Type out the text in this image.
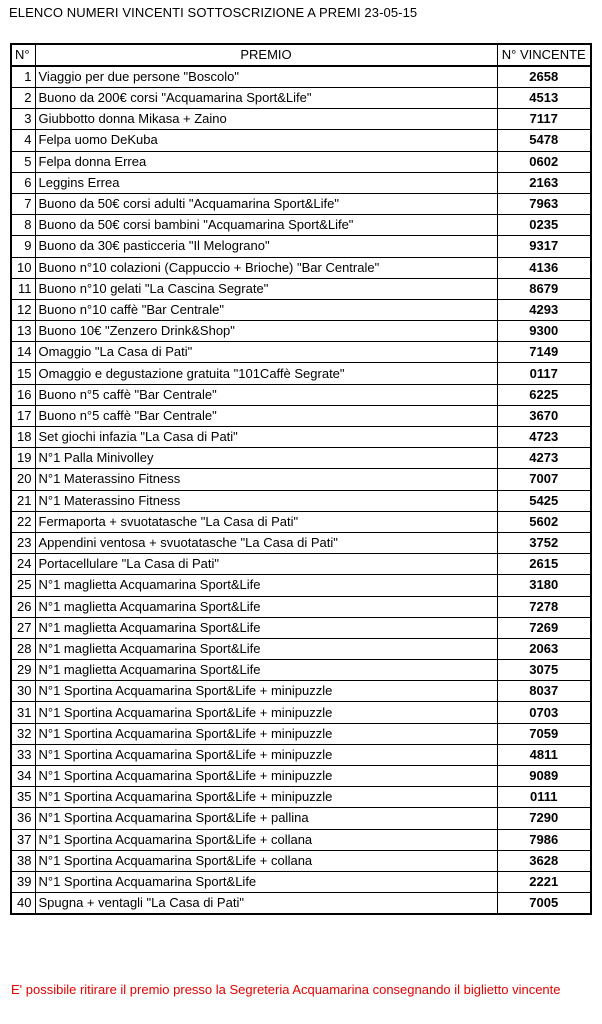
ELENCO NUMERI VINCENTI SOTTOSCRIZIONE A PREMI 23-05-15
N°	PREMIO	N° VINCENTE
1	Viaggio per due persone "Boscolo"	2658
2	Buono da 200€ corsi "Acquamarina Sport&Life"	4513
3	Giubbotto donna Mikasa + Zaino	7117
4	Felpa uomo DeKuba	5478
5	Felpa donna Errea	0602
6	Leggins Errea	2163
7	Buono da 50€ corsi adulti "Acquamarina Sport&Life"	7963
8	Buono da 50€ corsi bambini "Acquamarina Sport&Life"	0235
9	Buono da 30€ pasticceria "Il Melograno"	9317
10	Buono n°10 colazioni (Cappuccio + Brioche) "Bar Centrale"	4136
11	Buono n°10 gelati "La Cascina Segrate"	8679
12	Buono n°10 caffè "Bar Centrale"	4293
13	Buono 10€ "Zenzero Drink&Shop"	9300
14	Omaggio "La Casa di Pati"	7149
15	Omaggio e degustazione gratuita "101Caffè Segrate"	0117
16	Buono n°5 caffè "Bar Centrale"	6225
17	Buono n°5 caffè "Bar Centrale"	3670
18	Set giochi infazia "La Casa di Pati"	4723
19	N°1 Palla Minivolley	4273
20	N°1 Materassino Fitness	7007
21	N°1 Materassino Fitness	5425
22	Fermaporta + svuotatasche "La Casa di Pati"	5602
23	Appendini ventosa + svuotatasche "La Casa di Pati"	3752
24	Portacellulare "La Casa di Pati"	2615
25	N°1 maglietta Acquamarina Sport&Life	3180
26	N°1 maglietta Acquamarina Sport&Life	7278
27	N°1 maglietta Acquamarina Sport&Life	7269
28	N°1 maglietta Acquamarina Sport&Life	2063
29	N°1 maglietta Acquamarina Sport&Life	3075
30	N°1 Sportina Acquamarina Sport&Life + minipuzzle	8037
31	N°1 Sportina Acquamarina Sport&Life + minipuzzle	0703
32	N°1 Sportina Acquamarina Sport&Life + minipuzzle	7059
33	N°1 Sportina Acquamarina Sport&Life + minipuzzle	4811
34	N°1 Sportina Acquamarina Sport&Life + minipuzzle	9089
35	N°1 Sportina Acquamarina Sport&Life + minipuzzle	0111
36	N°1 Sportina Acquamarina Sport&Life + pallina	7290
37	N°1 Sportina Acquamarina Sport&Life + collana	7986
38	N°1 Sportina Acquamarina Sport&Life + collana	3628
39	N°1 Sportina Acquamarina Sport&Life	2221
40	Spugna + ventagli "La Casa di Pati"	7005
E' possibile ritirare il premio presso la Segreteria Acquamarina consegnando il biglietto vincente
